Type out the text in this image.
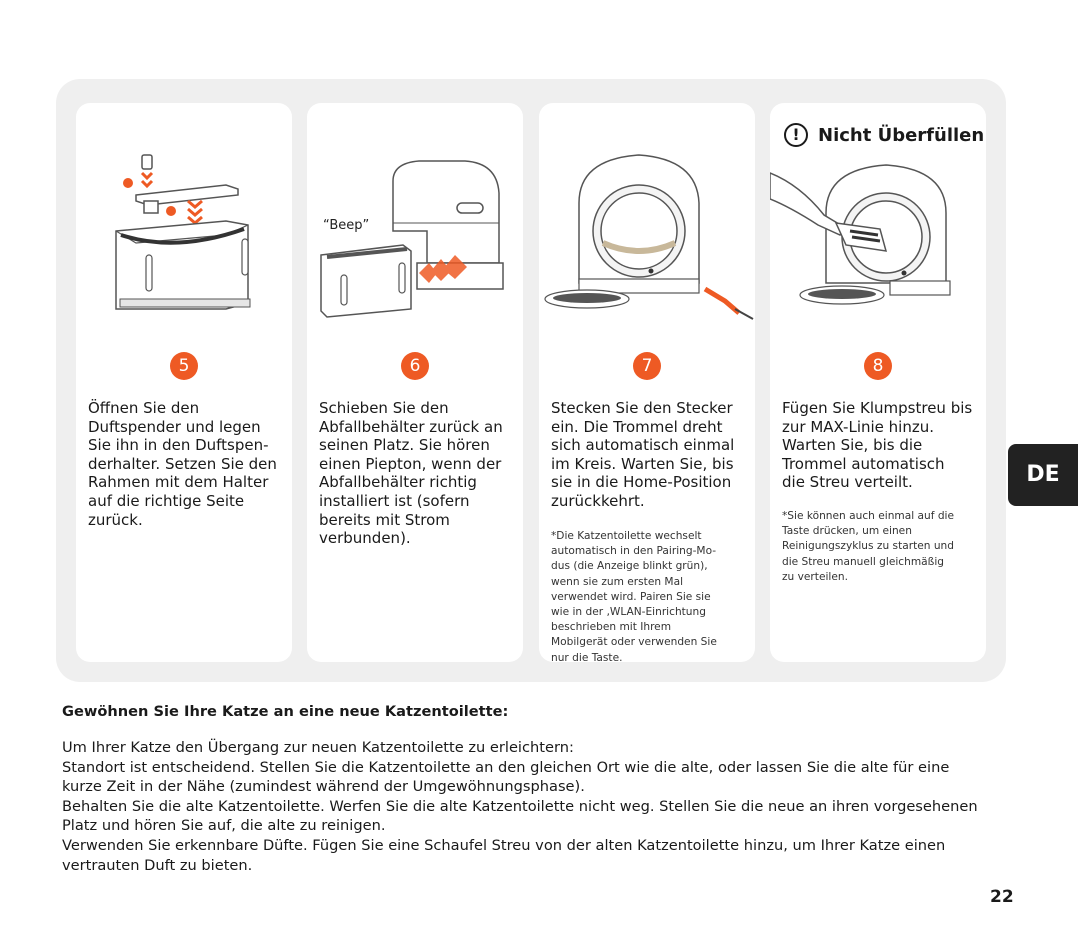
5
Öffnen Sie den
Duftspender und legen
Sie ihn in den Duftspen-
derhalter. Setzen Sie den
Rahmen mit dem Halter
auf die richtige Seite
zurück.
“Beep”
6
Schieben Sie den
Abfallbehälter zurück an
seinen Platz. Sie hören
einen Piepton, wenn der
Abfallbehälter richtig
installiert ist (sofern
bereits mit Strom
verbunden).
7
Stecken Sie den Stecker
ein. Die Trommel dreht
sich automatisch einmal
im Kreis. Warten Sie, bis
sie in die Home-Position
zurückkehrt.
*Die Katzentoilette wechselt
automatisch in den Pairing-Mo-
dus (die Anzeige blinkt grün),
wenn sie zum ersten Mal
verwendet wird. Pairen Sie sie
wie in der ‚WLAN-Einrichtung
beschrieben mit Ihrem
Mobilgerät oder verwenden Sie
nur die Taste.
8
Fügen Sie Klumpstreu bis
zur MAX-Linie hinzu.
Warten Sie, bis die
Trommel automatisch
die Streu verteilt.
*Sie können auch einmal auf die
Taste drücken, um einen
Reinigungszyklus zu starten und
die Streu manuell gleichmäßig
zu verteilen.
!	Nicht Überfüllen
DE
Gewöhnen Sie Ihre Katze an eine neue Katzentoilette:
Um Ihrer Katze den Übergang zur neuen Katzentoilette zu erleichtern:
Standort ist entscheidend. Stellen Sie die Katzentoilette an den gleichen Ort wie die alte, oder lassen Sie die alte für eine
kurze Zeit in der Nähe (zumindest während der Umgewöhnungsphase).
Behalten Sie die alte Katzentoilette. Werfen Sie die alte Katzentoilette nicht weg. Stellen Sie die neue an ihren vorgesehenen
Platz und hören Sie auf, die alte zu reinigen.
Verwenden Sie erkennbare Düfte. Fügen Sie eine Schaufel Streu von der alten Katzentoilette hinzu, um Ihrer Katze einen
vertrauten Duft zu bieten.
22
